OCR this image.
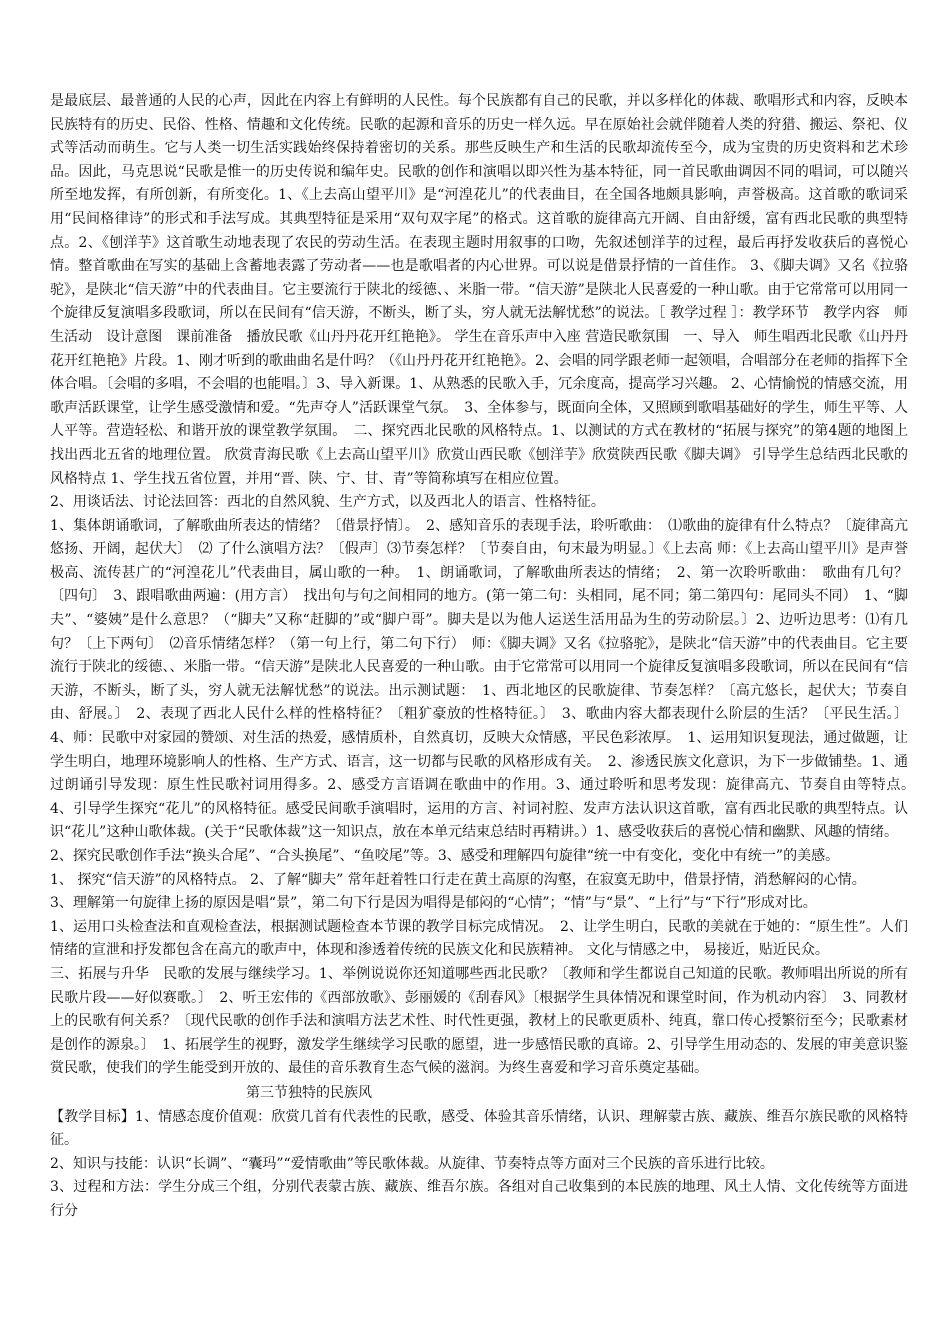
是最底层、最普通的人民的心声，因此在内容上有鲜明的人民性。每个民族都有自己的民歌，并以多样化的体裁、歌唱形式和内容，反映本民族特有的历史、民俗、性格、情趣和文化传统。民歌的起源和音乐的历史一样久远。早在原始社会就伴随着人类的狩猎、搬运、祭祀、仪式等活动而萌生。它与人类一切生活实践始终保持着密切的关系。那些反映生产和生活的民歌却流传至今，成为宝贵的历史资料和艺术珍品。因此，马克思说“民歌是惟一的历史传说和编年史。民歌的创作和演唱以即兴性为基本特征，同一首民歌曲调因不同的唱词，可以随兴所至地发挥，有所创新，有所变化。1、《上去高山望平川》是“河湟花儿”的代表曲目，在全国各地颇具影响，声誉极高。这首歌的歌词采用“民间格律诗”的形式和手法写成。其典型特征是采用“双句双字尾”的格式。这首歌的旋律高亢开阔、自由舒缓，富有西北民歌的典型特点。2、《刨洋芋》这首歌生动地表现了农民的劳动生活。在表现主题时用叙事的口吻，先叙述刨洋芋的过程，最后再抒发收获后的喜悦心情。整首歌曲在写实的基础上含蓄地表露了劳动者——也是歌唱者的内心世界。可以说是借景抒情的一首佳作。 3、《脚夫调》又名《拉骆驼》，是陕北“信天游”中的代表曲目。它主要流行于陕北的绥德、、米脂一带。“信天游”是陕北人民喜爱的一种山歌。由于它常常可以用同一个旋律反复演唱多段歌词，所以在民间有“信天游，不断头，断了头，穷人就无法解忧愁”的说法。［ 教学过程 ］：教学环节　教学内容　师生活动　设计意图　课前准备　播放民歌《山丹丹花开红艳艳》。 学生在音乐声中入座 营造民歌氛围　一、导入　师生唱西北民歌《山丹丹花开红艳艳》片段。1、刚才听到的歌曲曲名是什吗？（《山丹丹花开红艳艳》。2、会唱的同学跟老师一起领唱，合唱部分在老师的指挥下全体合唱。〔会唱的多唱，不会唱的也能唱。〕3、导入新课。1、从熟悉的民歌入手，冗余度高，提高学习兴趣。 2、心情愉悦的情感交流，用歌声活跃课堂，让学生感受激情和爱。“先声夺人”活跃课堂气氛。　3、全体参与，既面向全体，又照顾到歌唱基础好的学生，师生平等、人人平等。营造轻松、和谐开放的课堂教学氛围。　二、探究西北民歌的风格特点。1、以测试的方式在教材的“拓展与探究”的第4题的地图上找出西北五省的地理位置。 欣赏青海民歌《上去高山望平川》欣赏山西民歌《刨洋芋》欣赏陕西民歌《脚夫调》 引导学生总结西北民歌的风格特点 1、学生找五省位置，并用“晋、陕、宁、甘、青”等简称填写在相应位置。

2、用谈话法、讨论法回答：西北的自然风貌、生产方式，以及西北人的语言、性格特征。

1、集体朗诵歌词，了解歌曲所表达的情绪？〔借景抒情〕。　2、感知音乐的表现手法，聆听歌曲：　⑴歌曲的旋律有什么特点？〔旋律高亢悠扬、开阔，起伏大〕　⑵ 了什么演唱方法？〔假声〕⑶节奏怎样？〔节奏自由，句末最为明显。〕《上去高 师：《上去高山望平川》是声誉极高、流传甚广的“河湟花儿”代表曲目，属山歌的一种。　1、朗诵歌词，了解歌曲所表达的情绪；　2、第一次聆听歌曲：　歌曲有几句？〔四句〕　3、跟唱歌曲两遍：(用方言）　找出句与句之间相同的地方。(第一第二句：头相同，尾不同；第二第四句：尾同头不同）　1、“脚夫”、“婆姨”是什么意思？（“脚夫”又称“赶脚的”或“脚户哥”。脚夫是以为他人运送生活用品为生的劳动阶层。〕2、边听边思考：⑴有几句？〔上下两句〕　⑵音乐情绪怎样？（第一句上行，第二句下行）　师：《脚夫调》又名《拉骆驼》，是陕北“信天游”中的代表曲目。它主要流行于陕北的绥德、、米脂一带。“信天游”是陕北人民喜爱的一种山歌。由于它常常可以用同一个旋律反复演唱多段歌词，所以在民间有“信天游，不断头，断了头，穷人就无法解忧愁”的说法。出示测试题：　1、西北地区的民歌旋律、节奏怎样？〔高亢悠长，起伏大；节奏自由、舒展。〕　2、表现了西北人民什么样的性格特征？〔粗犷豪放的性格特征。〕　3、歌曲内容大都表现什么阶层的生活？〔平民生活。〕4、师：民歌中对家园的赞颂、对生活的热爱，感情质朴，自然真切，反映大众情感，平民色彩浓厚。　1、运用知识复现法，通过做题，让学生明白，地理环境影响人的性格、生产方式、语言，这一切都与民歌的风格形成有关。　2、渗透民族文化意识，为下一步做铺垫。1、通过朗诵引导发现：原生性民歌衬词用得多。2、感受方言语调在歌曲中的作用。3、通过聆听和思考发现：旋律高亢、节奏自由等特点。　4、引导学生探究“花儿”的风格特征。感受民间歌手演唱时，运用的方言、衬词衬腔、发声方法认识这首歌，富有西北民歌的典型特点。认识“花儿”这种山歌体裁。(关于“民歌体裁”这一知识点，放在本单元结束总结时再精讲。）1、感受收获后的喜悦心情和幽默、风趣的情绪。

2、探究民歌创作手法“换头合尾”、“合头换尾”、“鱼咬尾”等。3、感受和理解四句旋律“统一中有变化，变化中有统一”的美感。

1、 探究“信天游”的风格特点。 2、了解“脚夫” 常年赶着牲口行走在黄土高原的沟壑，在寂寞无助中，借景抒情，消愁解闷的心情。

3、理解第一句旋律上扬的原因是唱“景”，第二句下行是因为唱得是郁闷的“心情”；“情”与“景”、“上行”与“下行”形成对比。

1、运用口头检查法和直观检查法，根据测试题检查本节课的教学目标完成情况。　2、让学生明白，民歌的美就在于她的：“原生性”。人们情绪的宣泄和抒发都包含在高亢的歌声中，体现和渗透着传统的民族文化和民族精神。 文化与情感之中， 易接近，贴近民众。

三、拓展与升华　民歌的发展与继续学习。1、举例说说你还知道哪些西北民歌？〔教师和学生都说自己知道的民歌。教师唱出所说的所有民歌片段——好似赛歌。〕　2、听王宏伟的《西部放歌》、彭丽媛的《刮春风》〔根据学生具体情况和课堂时间，作为机动内容〕　3、同教材上的民歌有何关系？〔现代民歌的创作手法和演唱方法艺术性、时代性更强，教材上的民歌更质朴、纯真，靠口传心授繁衍至今；民歌素材是创作的源泉。〕　1、拓展学生的视野，激发学生继续学习民歌的愿望，进一步感悟民歌的真谛。2、引导学生用动态的、发展的审美意识鉴赏民歌，使我们的学生能受到开放的、最佳的音乐教育生态气候的滋润。为终生喜爱和学习音乐奠定基础。

第三节独特的民族风

【教学目标】1、情感态度价值观：欣赏几首有代表性的民歌，感受、体验其音乐情绪，认识、理解蒙古族、藏族、维吾尔族民歌的风格特征。

2、知识与技能：认识“长调”、“囊玛”“爱情歌曲”等民歌体裁。从旋律、节奏特点等方面对三个民族的音乐进行比较。

3、过程和方法：学生分成三个组，分别代表蒙古族、藏族、维吾尔族。各组对自己收集到的本民族的地理、风土人情、文化传统等方面进行分
